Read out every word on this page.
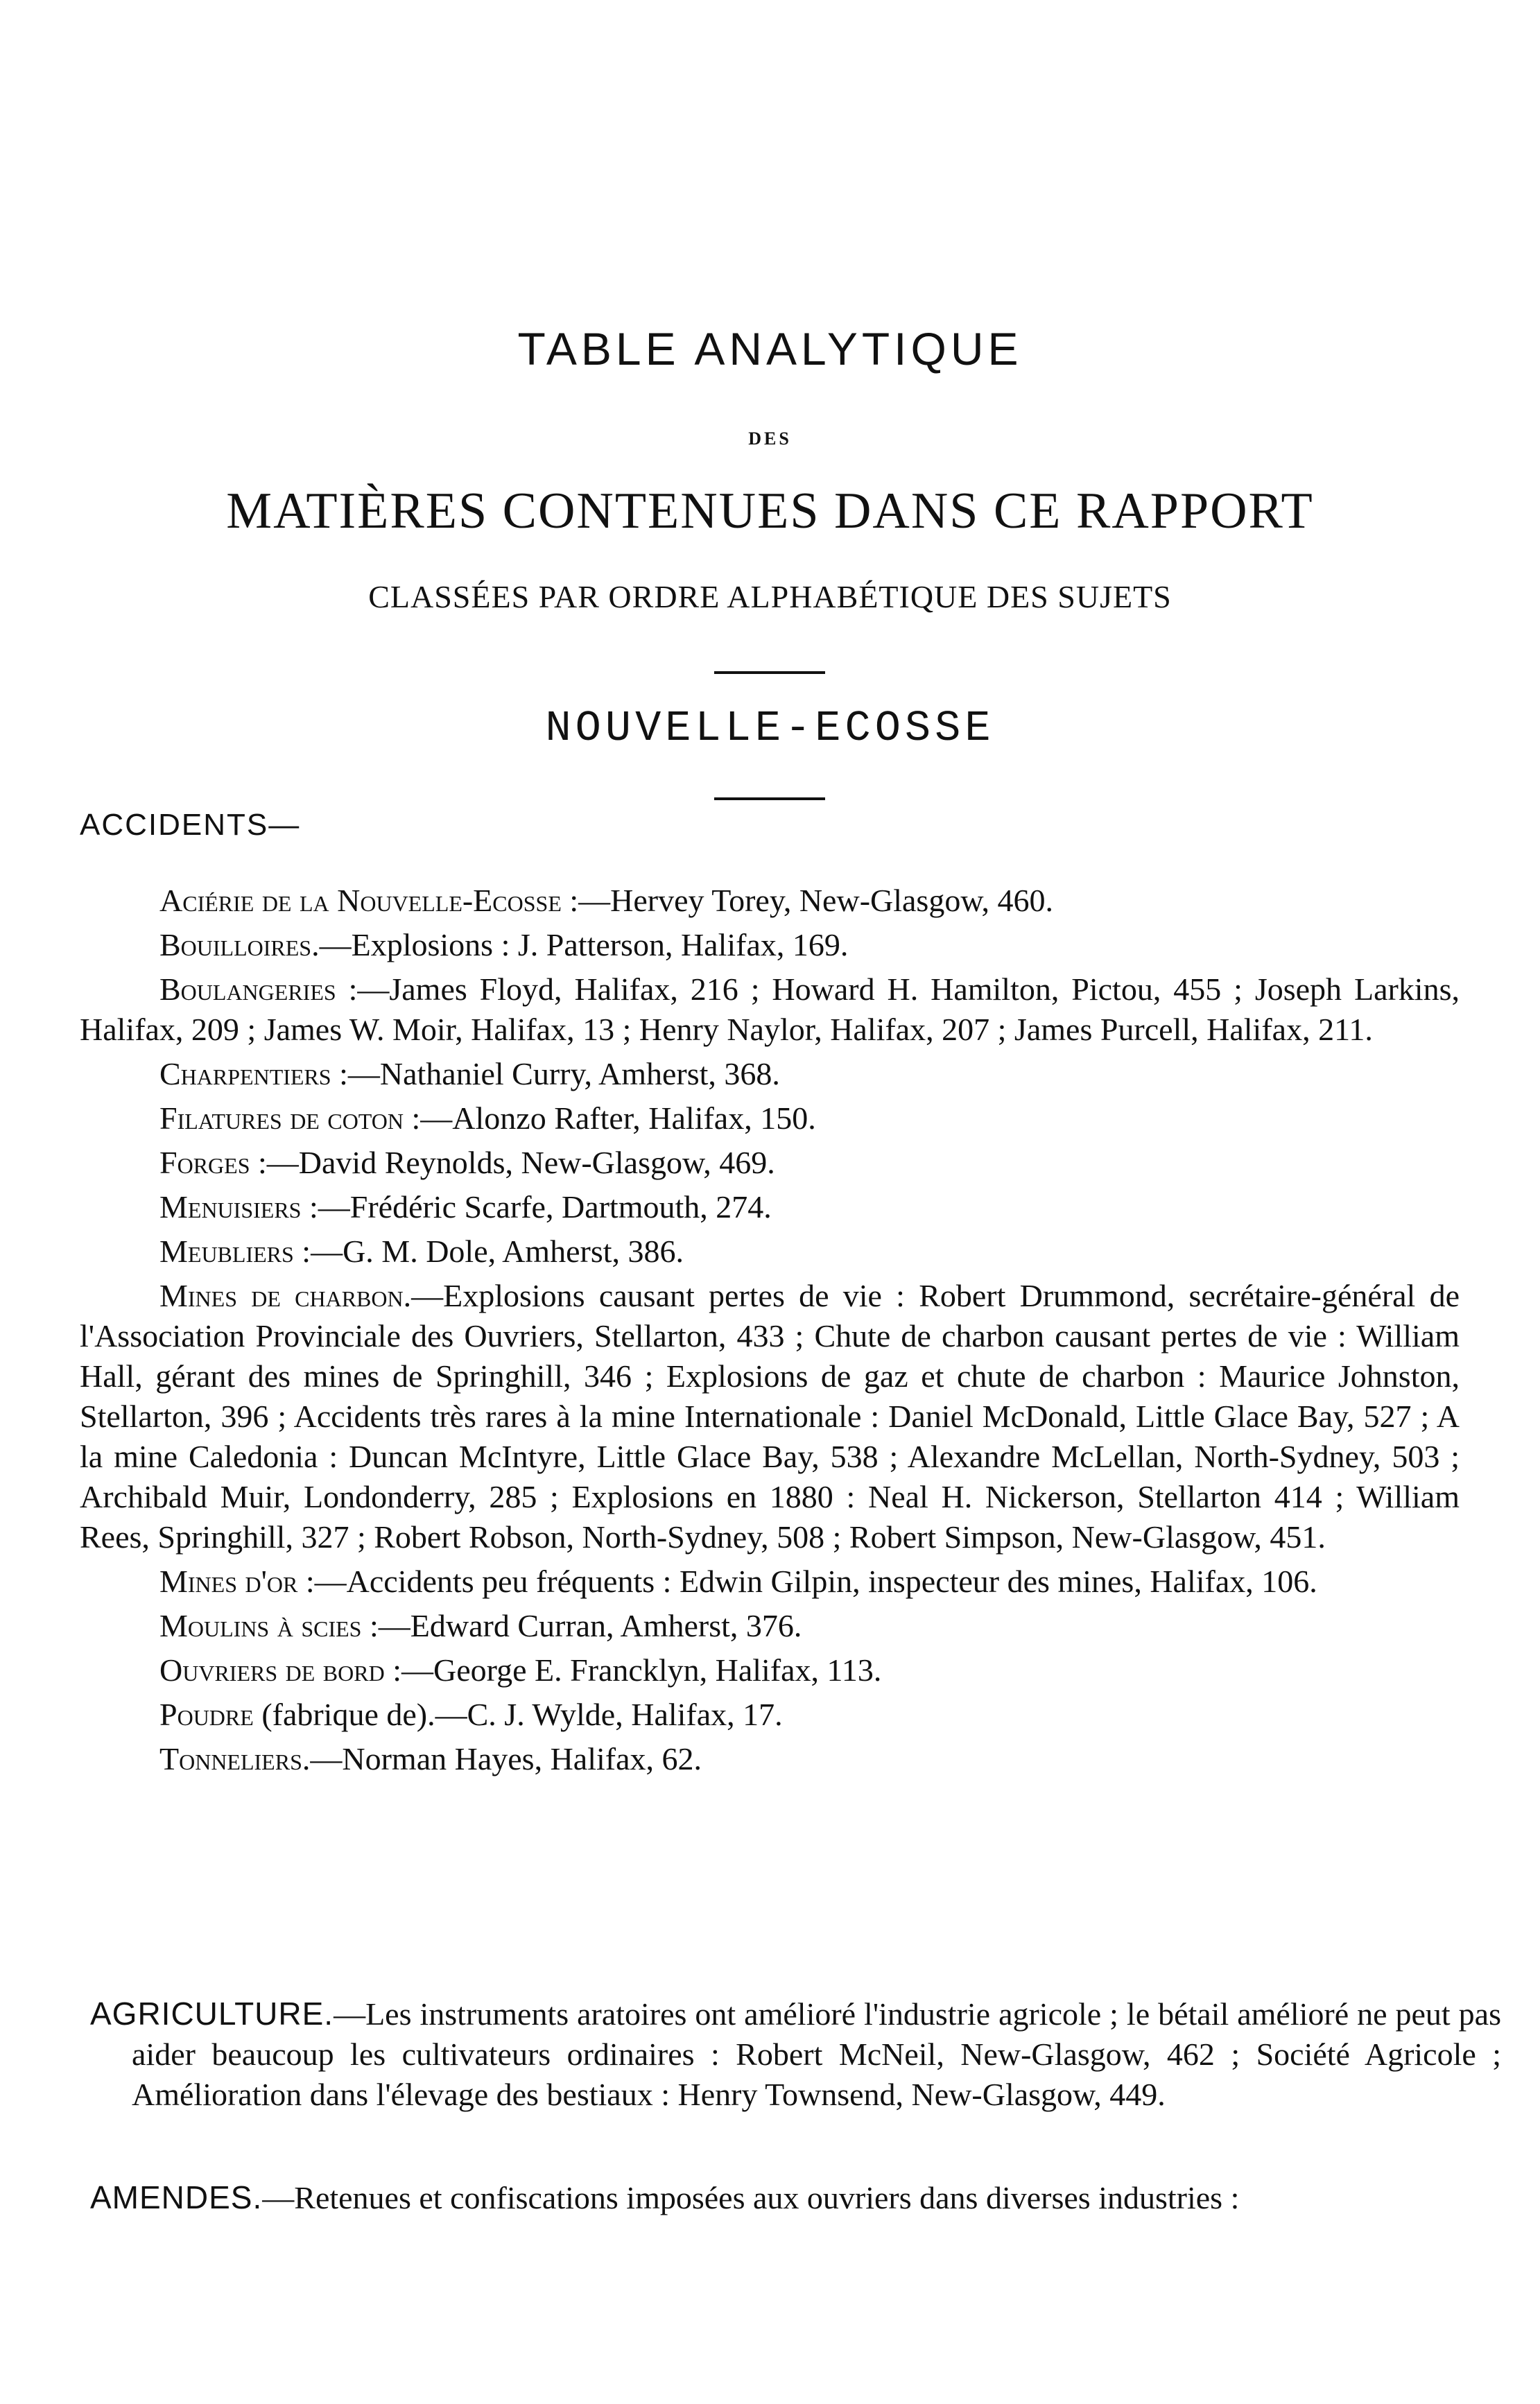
TABLE ANALYTIQUE
DES
MATIÈRES CONTENUES DANS CE RAPPORT
CLASSÉES PAR ORDRE ALPHABÉTIQUE DES SUJETS
NOUVELLE-ECOSSE
ACCIDENTS—

Aciérie de la Nouvelle-Ecosse :—Hervey Torey, New-Glasgow, 460.

Bouilloires.—Explosions : J. Patterson, Halifax, 169.

Boulangeries :—James Floyd, Halifax, 216 ; Howard H. Hamilton, Pictou, 455 ; Joseph Larkins, Halifax, 209 ; James W. Moir, Halifax, 13 ; Henry Naylor, Halifax, 207 ; James Purcell, Halifax, 211.

Charpentiers :—Nathaniel Curry, Amherst, 368.

Filatures de coton :—Alonzo Rafter, Halifax, 150.

Forges :—David Reynolds, New-Glasgow, 469.

Menuisiers :—Frédéric Scarfe, Dartmouth, 274.

Meubliers :—G. M. Dole, Amherst, 386.

Mines de charbon.—Explosions causant pertes de vie : Robert Drummond, secrétaire-général de l'Association Provinciale des Ouvriers, Stellarton, 433 ; Chute de charbon causant pertes de vie : William Hall, gérant des mines de Springhill, 346 ; Explosions de gaz et chute de charbon : Maurice Johnston, Stellarton, 396 ; Accidents très rares à la mine Internationale : Daniel McDonald, Little Glace Bay, 527 ; A la mine Caledonia : Duncan McIntyre, Little Glace Bay, 538 ; Alexandre McLellan, North-Sydney, 503 ; Archibald Muir, Londonderry, 285 ; Explosions en 1880 : Neal H. Nickerson, Stellarton 414 ; William Rees, Springhill, 327 ; Robert Robson, North-Sydney, 508 ; Robert Simpson, New-Glasgow, 451.

Mines d'or :—Accidents peu fréquents : Edwin Gilpin, inspecteur des mines, Halifax, 106.

Moulins à scies :—Edward Curran, Amherst, 376.

Ouvriers de bord :—George E. Francklyn, Halifax, 113.

Poudre (fabrique de).—C. J. Wylde, Halifax, 17.

Tonneliers.—Norman Hayes, Halifax, 62.

AGRICULTURE.—Les instruments aratoires ont amélioré l'industrie agricole ; le bétail amélioré ne peut pas aider beaucoup les cultivateurs ordinaires : Robert McNeil, New-Glasgow, 462 ; Société Agricole ; Amélioration dans l'élevage des bestiaux : Henry Townsend, New-Glasgow, 449.
AMENDES.—Retenues et confiscations imposées aux ouvriers dans diverses industries :
